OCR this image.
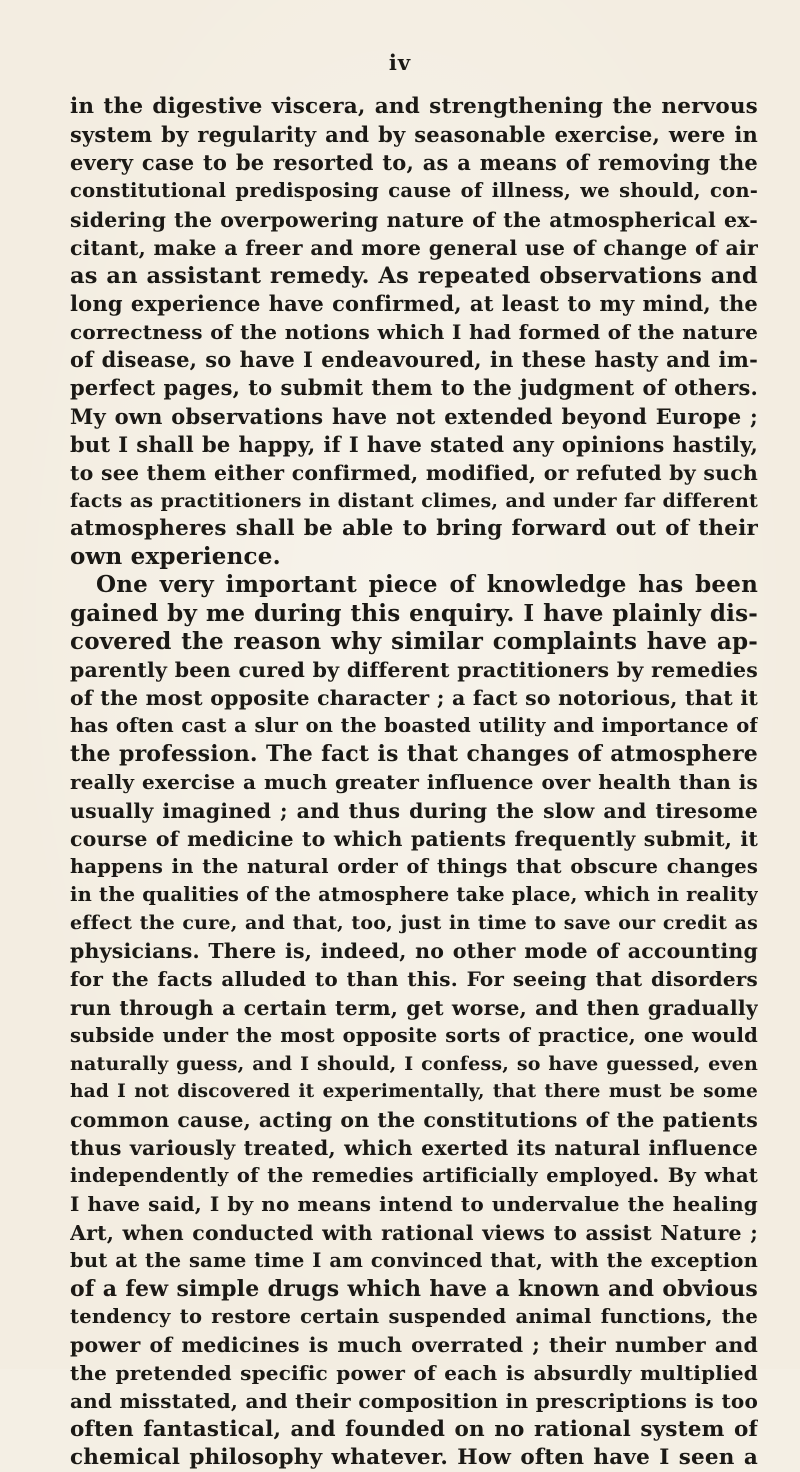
iv
in the digestive viscera, and strengthening the nervous
system by regularity and by seasonable exercise, were in
every case to be resorted to, as a means of removing the
constitutional predisposing cause of illness, we should, con-
sidering the overpowering nature of the atmospherical ex-
citant, make a freer and more general use of change of air
as an assistant remedy. As repeated observations and
long experience have confirmed, at least to my mind, the
correctness of the notions which I had formed of the nature
of disease, so have I endeavoured, in these hasty and im-
perfect pages, to submit them to the judgment of others.
My own observations have not extended beyond Europe ;
but I shall be happy, if I have stated any opinions hastily,
to see them either confirmed, modified, or refuted by such
facts as practitioners in distant climes, and under far different
atmospheres shall be able to bring forward out of their
own experience.
One very important piece of knowledge has been
gained by me during this enquiry. I have plainly dis-
covered the reason why similar complaints have ap-
parently been cured by different practitioners by remedies
of the most opposite character ; a fact so notorious, that it
has often cast a slur on the boasted utility and importance of
the profession. The fact is that changes of atmosphere
really exercise a much greater influence over health than is
usually imagined ; and thus during the slow and tiresome
course of medicine to which patients frequently submit, it
happens in the natural order of things that obscure changes
in the qualities of the atmosphere take place, which in reality
effect the cure, and that, too, just in time to save our credit as
physicians. There is, indeed, no other mode of accounting
for the facts alluded to than this. For seeing that disorders
run through a certain term, get worse, and then gradually
subside under the most opposite sorts of practice, one would
naturally guess, and I should, I confess, so have guessed, even
had I not discovered it experimentally, that there must be some
common cause, acting on the constitutions of the patients
thus variously treated, which exerted its natural influence
independently of the remedies artificially employed. By what
I have said, I by no means intend to undervalue the healing
Art, when conducted with rational views to assist Nature ;
but at the same time I am convinced that, with the exception
of a few simple drugs which have a known and obvious
tendency to restore certain suspended animal functions, the
power of medicines is much overrated ; their number and
the pretended specific power of each is absurdly multiplied
and misstated, and their composition in prescriptions is too
often fantastical, and founded on no rational system of
chemical philosophy whatever. How often have I seen a
